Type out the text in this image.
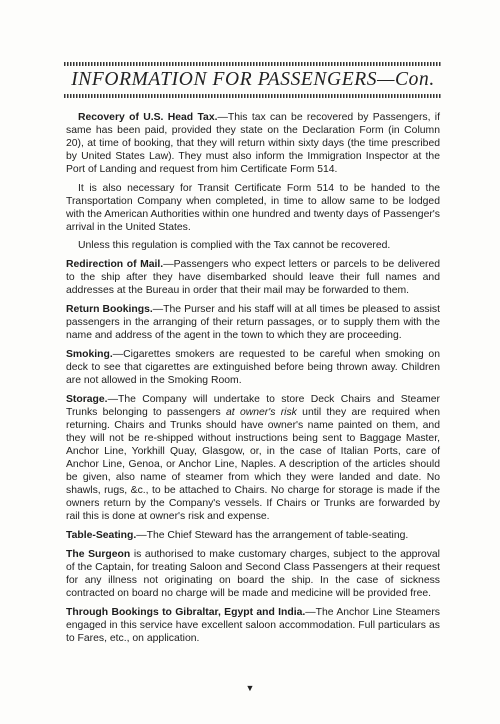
INFORMATION FOR PASSENGERS—Con.

Recovery of U.S. Head Tax.—This tax can be recovered by Passengers, if same has been paid, provided they state on the Declaration Form (in Column 20), at time of booking, that they will return within sixty days (the time prescribed by United States Law). They must also inform the Immigration Inspector at the Port of Landing and request from him Certificate Form 514.

It is also necessary for Transit Certificate Form 514 to be handed to the Transportation Company when completed, in time to allow same to be lodged with the American Authorities within one hundred and twenty days of Passenger's arrival in the United States.

Unless this regulation is complied with the Tax cannot be recovered.

Redirection of Mail.—Passengers who expect letters or parcels to be delivered to the ship after they have disembarked should leave their full names and addresses at the Bureau in order that their mail may be forwarded to them.

Return Bookings.—The Purser and his staff will at all times be pleased to assist passengers in the arranging of their return passages, or to supply them with the name and address of the agent in the town to which they are proceeding.

Smoking.—Cigarettes smokers are requested to be careful when smoking on deck to see that cigarettes are extinguished before being thrown away. Children are not allowed in the Smoking Room.

Storage.—The Company will undertake to store Deck Chairs and Steamer Trunks belonging to passengers at owner's risk until they are required when returning. Chairs and Trunks should have owner's name painted on them, and they will not be re-shipped without instructions being sent to Baggage Master, Anchor Line, Yorkhill Quay, Glasgow, or, in the case of Italian Ports, care of Anchor Line, Genoa, or Anchor Line, Naples. A description of the articles should be given, also name of steamer from which they were landed and date. No shawls, rugs, &c., to be attached to Chairs. No charge for storage is made if the owners return by the Company's vessels. If Chairs or Trunks are forwarded by rail this is done at owner's risk and expense.

Table-Seating.—The Chief Steward has the arrangement of table-seating.

The Surgeon is authorised to make customary charges, subject to the approval of the Captain, for treating Saloon and Second Class Passengers at their request for any illness not originating on board the ship. In the case of sickness contracted on board no charge will be made and medicine will be provided free.

Through Bookings to Gibraltar, Egypt and India.—The Anchor Line Steamers engaged in this service have excellent saloon accommodation. Full particulars as to Fares, etc., on application.

▼
